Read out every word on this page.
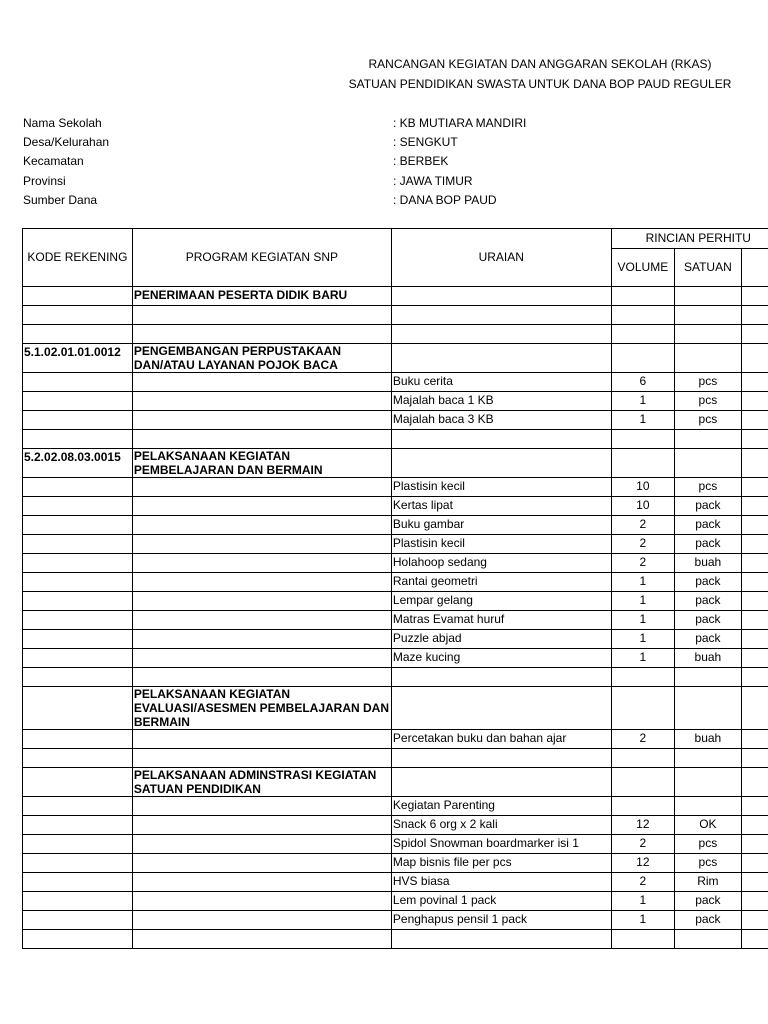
RANCANGAN KEGIATAN DAN ANGGARAN SEKOLAH (RKAS)
SATUAN PENDIDIKAN SWASTA UNTUK DANA BOP PAUD REGULER
Nama Sekolah	: KB MUTIARA MANDIRI
Desa/Kelurahan	: SENGKUT
Kecamatan	: BERBEK
Provinsi	: JAWA TIMUR
Sumber Dana	: DANA BOP PAUD
KODE REKENING	PROGRAM KEGIATAN SNP	URAIAN	RINCIAN PERHITU		
			VOLUME	SATUAN	
	PENERIMAAN PESERTA DIDIK BARU				

5.1.02.01.01.0012	PENGEMBANGAN PERPUSTAKAAN DAN/ATAU LAYANAN POJOK BACA				
		Buku cerita	6	pcs	
		Majalah baca 1 KB	1	pcs	
		Majalah baca 3 KB	1	pcs	

5.2.02.08.03.0015	PELAKSANAAN KEGIATAN PEMBELAJARAN DAN BERMAIN				
		Plastisin kecil	10	pcs	
		Kertas lipat	10	pack	
		Buku gambar	2	pack	
		Plastisin kecil	2	pack	
		Holahoop sedang	2	buah	
		Rantai geometri	1	pack	
		Lempar gelang	1	pack	
		Matras Evamat huruf	1	pack	
		Puzzle abjad	1	pack	
		Maze kucing	1	buah	

	PELAKSANAAN KEGIATAN EVALUASI/ASESMEN PEMBELAJARAN DAN BERMAIN				
		Percetakan buku dan bahan ajar	2	buah	

	PELAKSANAAN ADMINSTRASI KEGIATAN SATUAN PENDIDIKAN				
		Kegiatan Parenting			
		Snack 6 org x 2 kali	12	OK	
		Spidol Snowman boardmarker isi 1	2	pcs	
		Map bisnis file per pcs	12	pcs	
		HVS biasa	2	Rim	
		Lem povinal 1 pack	1	pack	
		Penghapus pensil 1 pack	1	pack	
